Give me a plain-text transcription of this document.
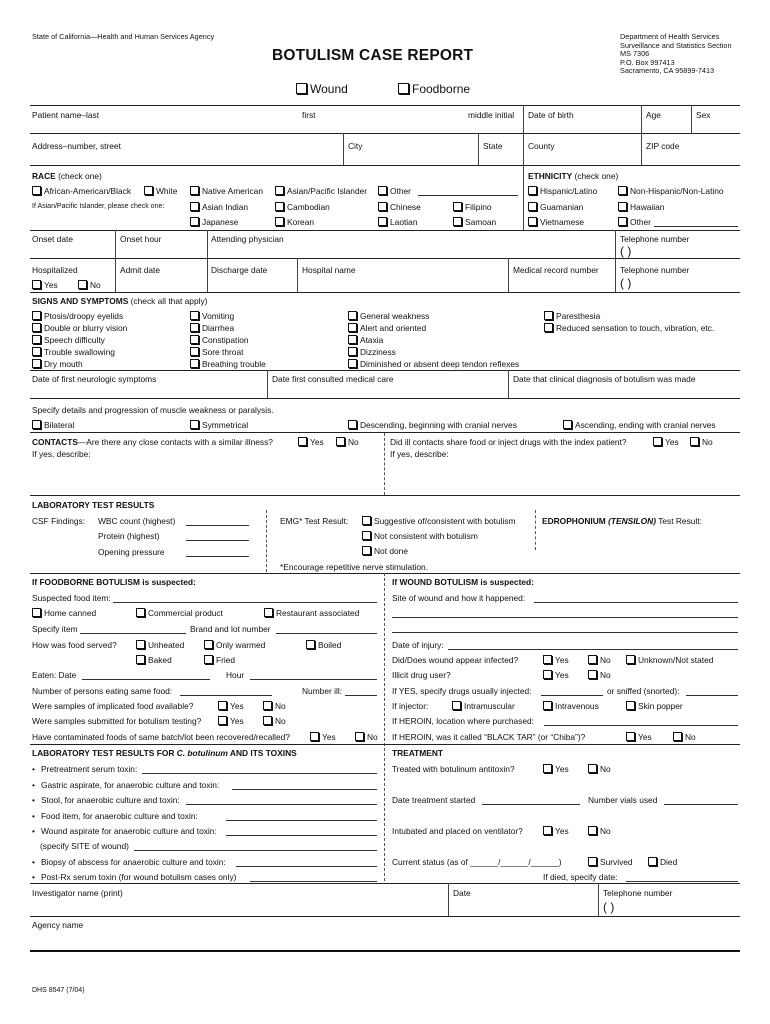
State of California—Health and Human Services Agency
BOTULISM CASE REPORT
Department of Health Services
Surveillance and Statistics Section
MS 7306
P.O. Box 997413
Sacramento, CA 95899-7413
Wound	Foodborne
Patient name–last	first	middle initial Date of birth	Age	Sex
Address–number, street	City	State	County	ZIP code
RACE (check one)	ETHNICITY (check one)
African-American/Black	White	Native American	Asian/Pacific Islander	Other
If Asian/Pacific Islander, please check one:	Asian Indian	Cambodian	Chinese	Filipino
Japanese	Korean	Laotian	Samoan
Hispanic/Latino	Non-Hispanic/Non-Latino
Guamanian	Hawaiian
Vietnamese	Other
Onset date	Onset hour	Attending physician	Telephone number
( )
Hospitalized
Yes	No
Admit date	Discharge date	Hospital name	Medical record number	Telephone number
( )
SIGNS AND SYMPTOMS (check all that apply)
Ptosis/droopy eyelids
Double or blurry vision
Speech difficulty
Trouble swallowing
Dry mouth
Vomiting
Diarrhea
Constipation
Sore throat
Breathing trouble
General weakness
Alert and oriented
Ataxia
Dizziness
Diminished or absent deep tendon reflexes
Paresthesia
Reduced sensation to touch, vibration, etc.
Date of first neurologic symptoms	Date first consulted medical care	Date that clinical diagnosis of botulism was made
Specify details and progression of muscle weakness or paralysis.
Bilateral	Symmetrical	Descending, beginning with cranial nerves	Ascending, ending with cranial nerves
CONTACTS—Are there any close contacts with a similar illness?	Yes	No
If yes, describe:
Did ill contacts share food or inject drugs with the index patient?	Yes	No
If yes, describe:
LABORATORY TEST RESULTS
CSF Findings: WBC count (highest)
Protein (highest)
Opening pressure
EMG* Test Result:	Suggestive of/consistent with botulism
Not consistent with botulism
Not done
*Encourage repetitive nerve stimulation.
EDROPHONIUM (TENSILON) Test Result:
If FOODBORNE BOTULISM is suspected:	If WOUND BOTULISM is suspected:
Suspected food item:	Site of wound and how it happened:
Home canned	Commercial product	Restaurant associated
Specify item	Brand and lot number
How was food served?	Unheated	Only warmed	Boiled	Date of injury:
Baked	Fried	Did/Does wound appear infected?	Yes	No	Unknown/Not stated
Eaten: Date	Hour	Illicit drug user?	Yes	No
Number of persons eating same food:	Number ill:	If YES, specify drugs usually injected:	or sniffed (snorted):
Were samples of implicated food available?	Yes	No	If injector:	Intramuscular	Intravenous	Skin popper
Were samples submitted for botulism testing?	Yes	No	If HEROIN, location where purchased:
Have contaminated foods of same batch/lot been recovered/recalled?	Yes	No If HEROIN, was it called “BLACK TAR” (or “Chiba”)?	Yes	No
LABORATORY TEST RESULTS FOR C. botulinum AND ITS TOXINS	TREATMENT
• Pretreatment serum toxin:
• Gastric aspirate, for anaerobic culture and toxin:
• Stool, for anaerobic culture and toxin:
• Food item, for anaerobic culture and toxin:
• Wound aspirate for anaerobic culture and toxin:
(specify SITE of wound)
• Biopsy of abscess for anaerobic culture and toxin:
• Post-Rx serum toxin (for wound botulism cases only)
Treated with botulinum antitoxin?	Yes	No
Date treatment started	Number vials used
Intubated and placed on ventilator?	Yes	No
Current status (as of ______/______/______)	Survived	Died
If died, specify date:
Investigator name (print)	Date	Telephone number
( )
Agency name
DHS 8547 (7/04)
